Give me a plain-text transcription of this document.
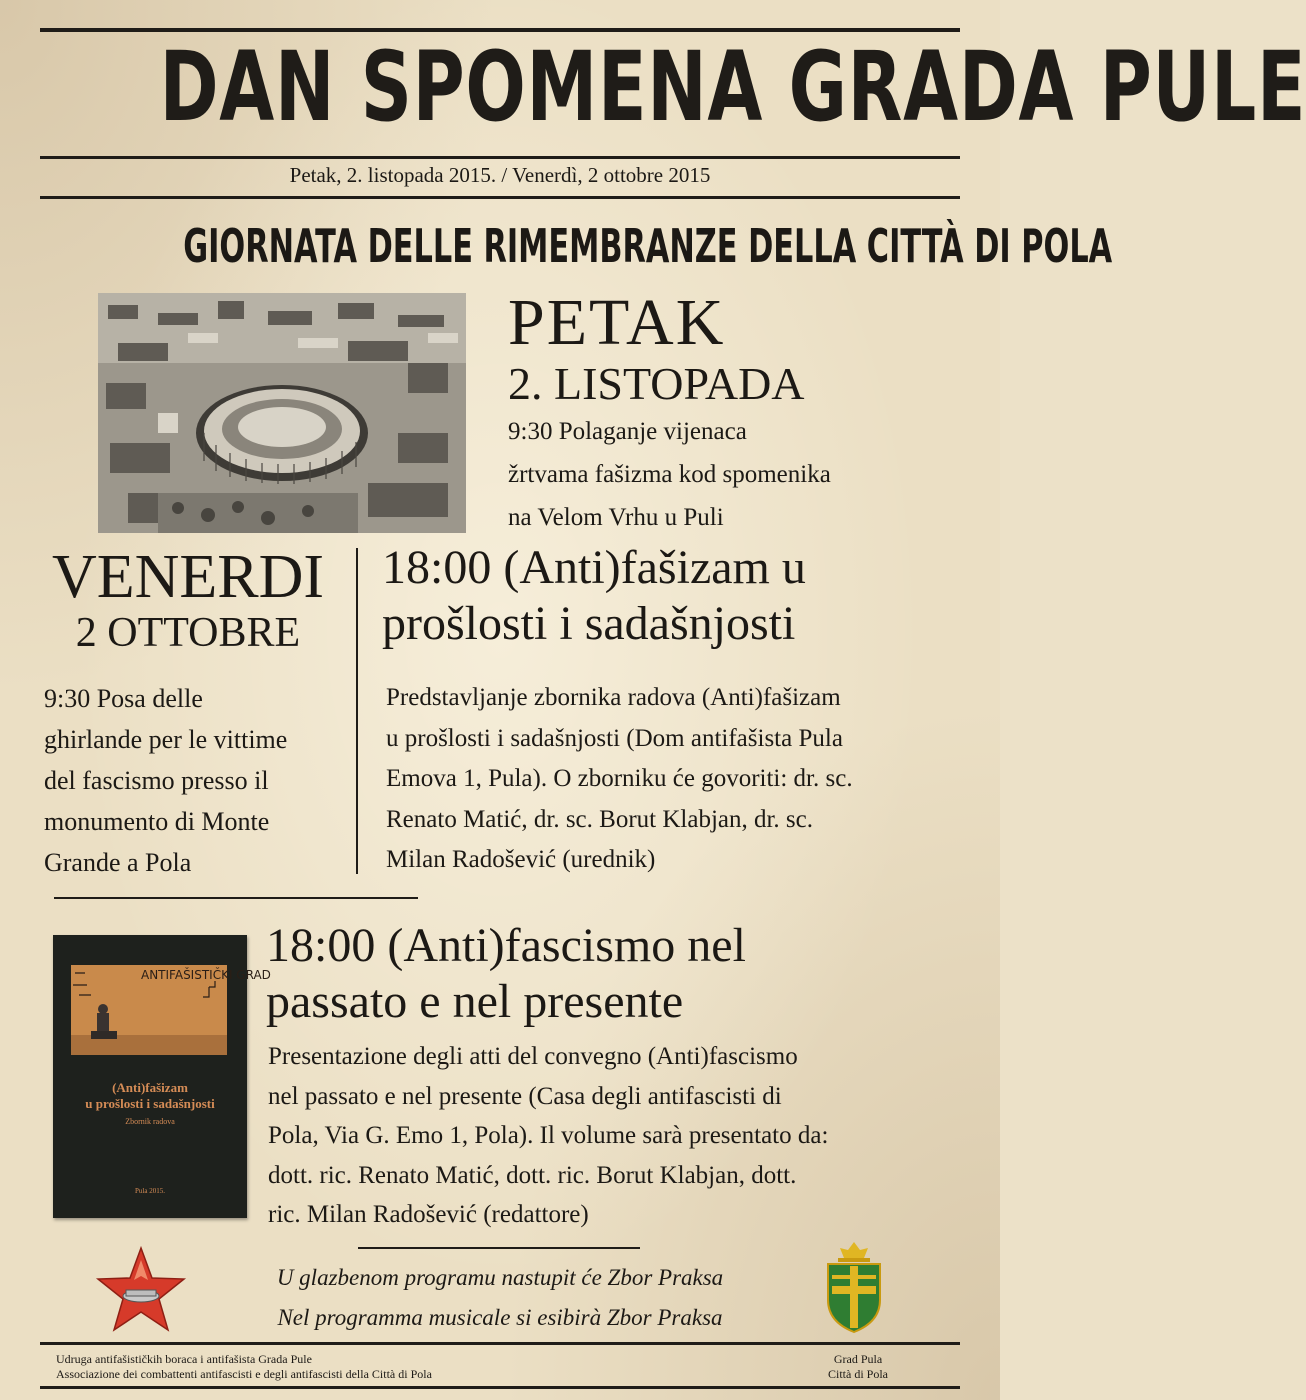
DAN SPOMENA GRADA PULE
Petak, 2. listopada 2015. / Venerdì, 2 ottobre 2015
GIORNATA DELLE RIMEMBRANZE DELLA CITTÀ DI POLA
PETAK
2. LISTOPADA
9:30 Polaganje vijenaca
žrtvama fašizma kod spomenika
na Velom Vrhu u Puli
VENERDI
2 OTTOBRE
9:30 Posa delle
ghirlande per le vittime
del fascismo presso il
monumento di Monte
Grande a Pola
18:00 (Anti)fašizam u
prošlosti i sadašnjosti
Predstavljanje zbornika radova (Anti)fašizam
u prošlosti i sadašnjosti (Dom antifašista Pula
Emova 1, Pula). O zborniku će govoriti: dr. sc.
Renato Matić, dr. sc. Borut Klabjan, dr. sc.
Milan Radošević (urednik)
ANTIFAŠISTIČKI GRAD
(Anti)fašizam
u prošlosti i sadašnjosti
Zbornik radova
Pula 2015.
18:00 (Anti)fascismo nel
passato e nel presente
Presentazione degli atti del convegno (Anti)fascismo
nel passato e nel presente (Casa degli antifascisti di
Pola, Via G. Emo 1, Pola). Il volume sarà presentato da:
dott. ric. Renato Matić, dott. ric. Borut Klabjan, dott.
ric. Milan Radošević (redattore)
U glazbenom programu nastupit će Zbor Praksa
Nel programma musicale si esibirà Zbor Praksa
Udruga antifašističkih boraca i antifašista Grada Pule
Associazione dei combattenti antifascisti e degli antifascisti della Città di Pola
Grad Pula
Città di Pola
